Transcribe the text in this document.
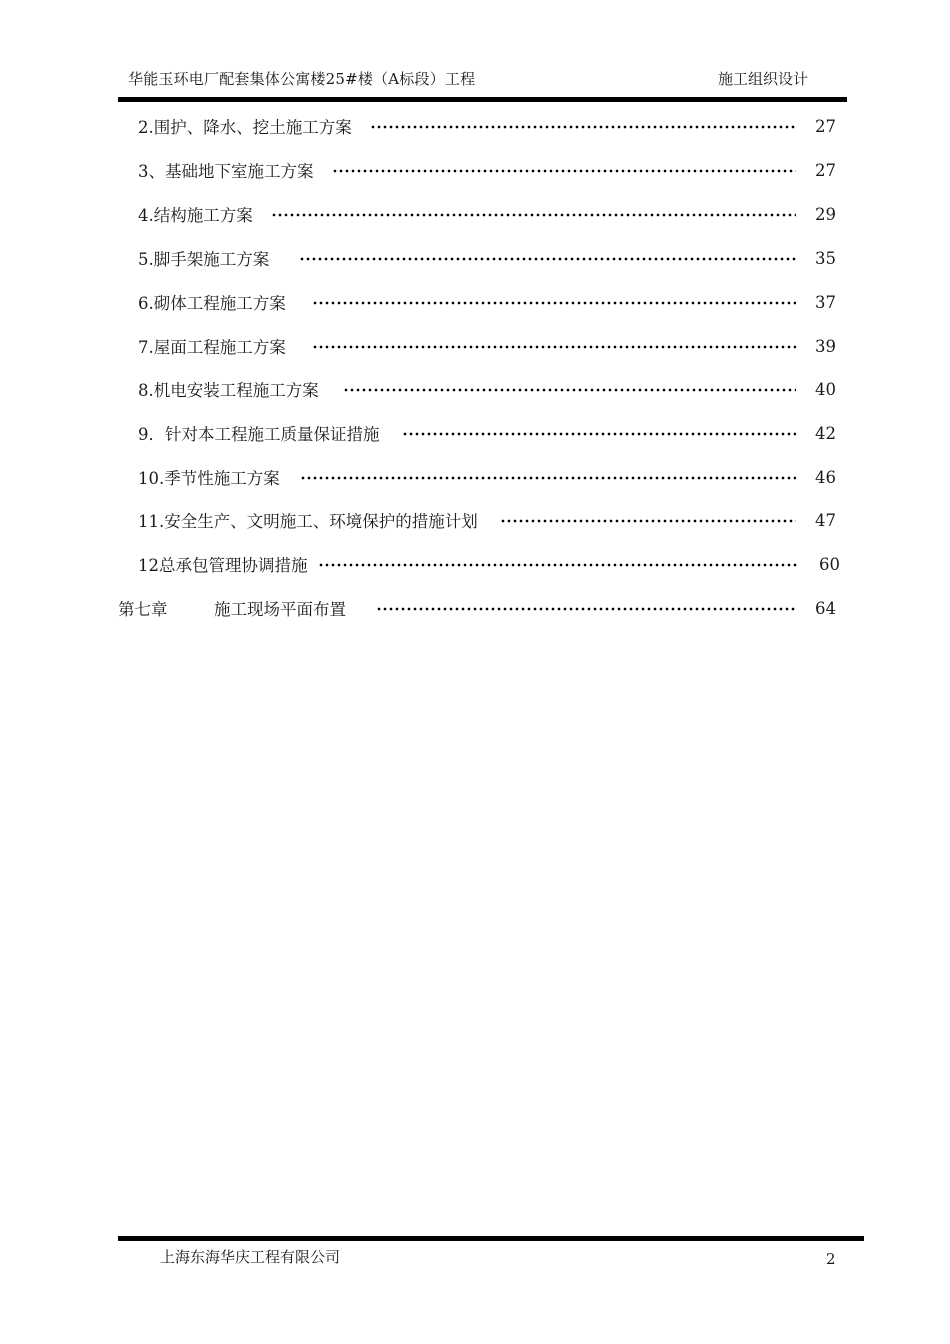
华能玉环电厂配套集体公寓楼25#楼（A标段）工程	施工组织设计
2.围护、降水、挖土施工方案	27
3、基础地下室施工方案	27
4.结构施工方案	29
5.脚手架施工方案	35
6.砌体工程施工方案	37
7.屋面工程施工方案	39
8.机电安装工程施工方案	40
9．针对本工程施工质量保证措施	42
10.季节性施工方案	46
11.安全生产、文明施工、环境保护的措施计划	47
12总承包管理协调措施	60
第七章	施工现场平面布置	64
上海东海华庆工程有限公司	2
